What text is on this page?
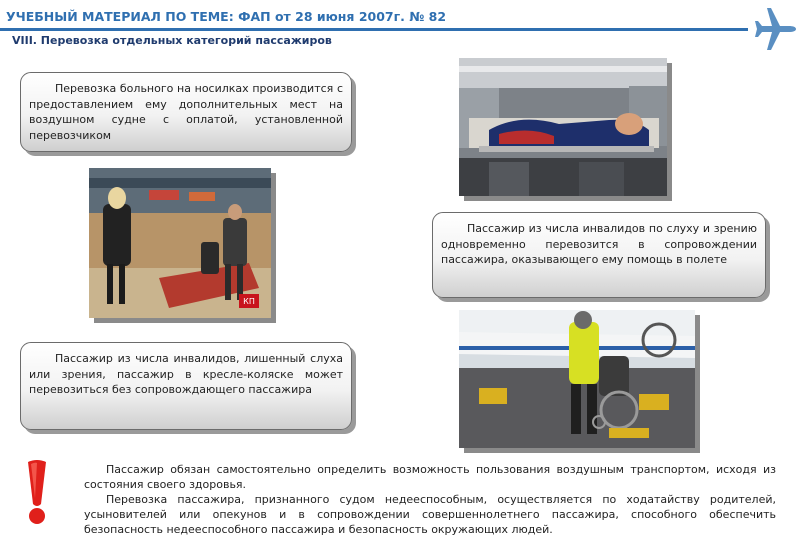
УЧЕБНЫЙ МАТЕРИАЛ ПО ТЕМЕ: ФАП от 28 июня 2007г. № 82
VIII. Перевозка отдельных категорий пассажиров
Перевозка больного на носилках производится с предоставлением ему дополнительных мест на воздушном судне с оплатой, установленной перевозчиком
Пассажир из числа инвалидов по слуху и зрению одновременно перевозится в сопровождении пассажира, оказывающего ему помощь в полете
Пассажир из числа инвалидов, лишенный слуха или зрения, пассажир в кресле-коляске может перевозиться без сопровождающего пассажира
КП

  Пассажир обязан самостоятельно определить возможность пользования воздушным транспортом, исходя из состояния своего здоровья.

  Перевозка пассажира, признанного судом недееспособным, осуществляется по ходатайству родителей, усыновителей или опекунов и в сопровождении совершеннолетнего пассажира, способного обеспечить безопасность недееспособного пассажира и безопасность окружающих людей.
